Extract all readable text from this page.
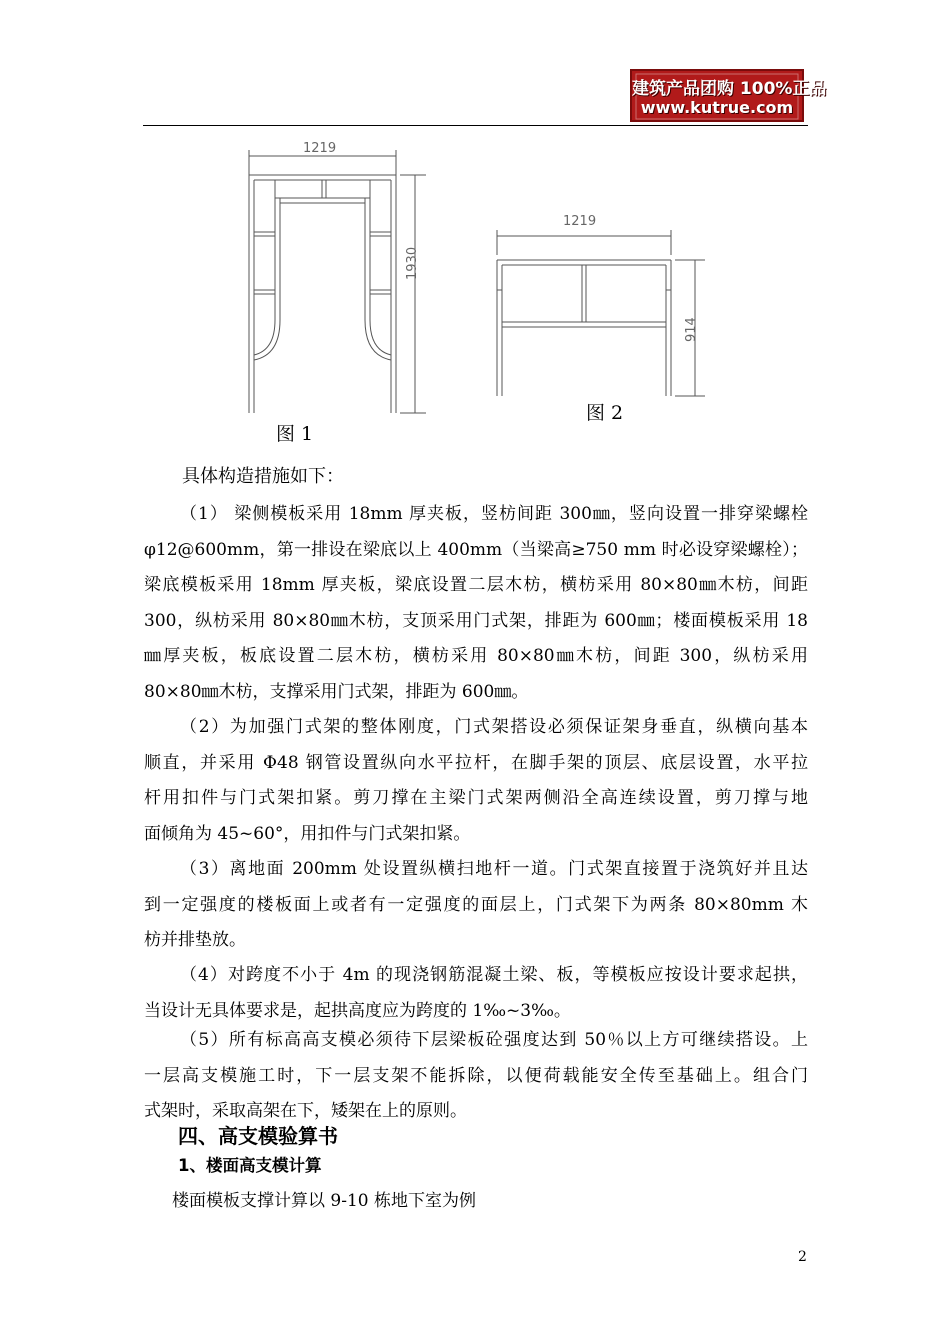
建筑产品团购 100%正品
www.kutrue.com
1219
1930
图 1
1219
914
图 2
具体构造措施如下：
（1） 梁侧模板采用 18mm 厚夹板，竖枋间距 300㎜，竖向设置一排穿梁螺栓
φ12@600mm，第一排设在梁底以上 400mm（当梁高≥750 mm 时必设穿梁螺栓）；
梁底模板采用 18mm 厚夹板，梁底设置二层木枋，横枋采用 80×80㎜木枋，间距
300，纵枋采用 80×80㎜木枋，支顶采用门式架，排距为 600㎜；楼面模板采用 18
㎜厚夹板，板底设置二层木枋，横枋采用 80×80㎜木枋，间距 300，纵枋采用
80×80㎜木枋，支撑采用门式架，排距为 600㎜。
（2）为加强门式架的整体刚度，门式架搭设必须保证架身垂直，纵横向基本
顺直，并采用 Φ48 钢管设置纵向水平拉杆，在脚手架的顶层、底层设置，水平拉
杆用扣件与门式架扣紧。剪刀撑在主梁门式架两侧沿全高连续设置，剪刀撑与地
面倾角为 45~60°，用扣件与门式架扣紧。
（3）离地面 200mm 处设置纵横扫地杆一道。门式架直接置于浇筑好并且达
到一定强度的楼板面上或者有一定强度的面层上，门式架下为两条 80×80mm 木
枋并排垫放。
（4）对跨度不小于 4m 的现浇钢筋混凝土梁、板，等模板应按设计要求起拱，
当设计无具体要求是，起拱高度应为跨度的 1‰~3‰。
（5）所有标高高支模必须待下层梁板砼强度达到 50％以上方可继续搭设。上
一层高支模施工时，下一层支架不能拆除，以便荷载能安全传至基础上。组合门
式架时，采取高架在下，矮架在上的原则。
四、高支模验算书
1、楼面高支模计算
楼面模板支撑计算以 9-10 栋地下室为例
2
